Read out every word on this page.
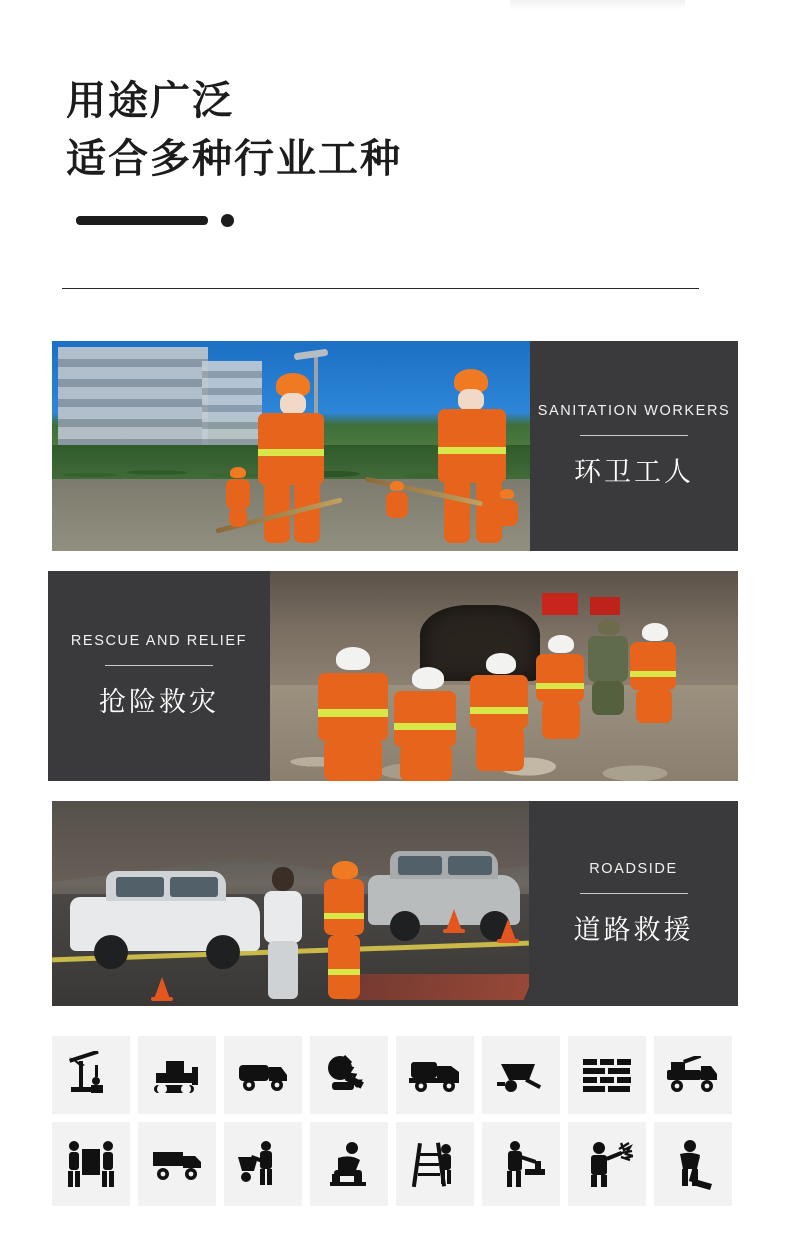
用途广泛
适合多种行业工种
SANITATION WORKERS
环卫工人
RESCUE AND RELIEF
抢险救灾
ROADSIDE
道路救援
